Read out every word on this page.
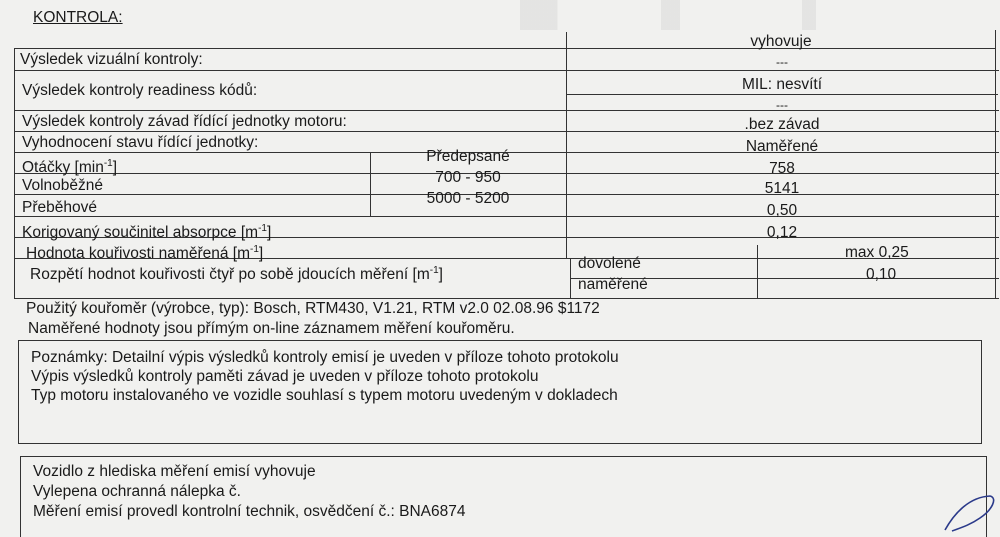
KONTROLA:
Výsledek vizuální kontroly:
vyhovuje
Výsledek kontroly readiness kódů:
---
MIL: nesvítí
Výsledek kontroly závad řídící jednotky motoru:
---
Vyhodnocení stavu řídící jednotky:
.bez závad
Otáčky $[\min^{-1}]$
Předepsané
Naměřené
Volnoběžné	700 - 950
758
Přeběhové
5000 - 5200
5141
Korigovaný součinitel absorpce $[m^{-1}]$
0,50
Hodnota kouřivosti naměřená $[m^{-1}]$
0,12
Rozpětí hodnot kouřivosti čtyř po sobě jdoucích měření $[m^{-1}]$
dovolené
max 0,25
naměřené
0,10
Použitý kouřoměr (výrobce, typ): Bosch, RTM430, V1.21, RTM v2.0 02.08.96 $1172
Naměřené hodnoty jsou přímým on-line záznamem měření kouřoměru.
Poznámky: Detailní výpis výsledků kontroly emisí je uveden v příloze tohoto protokolu
Výpis výsledků kontroly paměti závad je uveden v příloze tohoto protokolu
Typ motoru instalovaného ve vozidle souhlasí s typem motoru uvedeným v dokladech
Vozidlo z hlediska měření emisí vyhovuje
Vylepena ochranná nálepka č.
Měření emisí provedl kontrolní technik, osvědčení č.: BNA6874
